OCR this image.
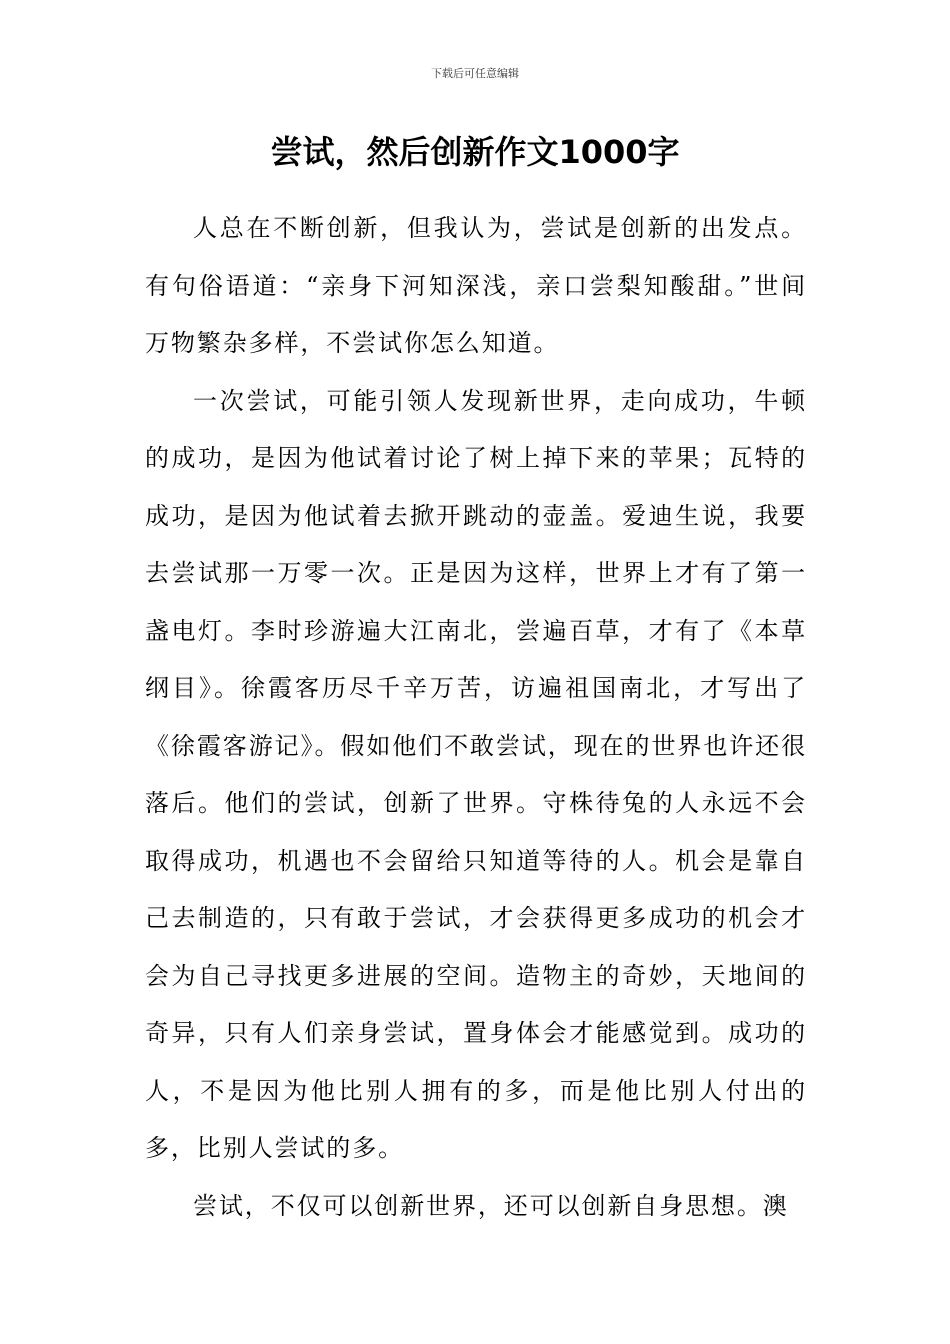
下载后可任意编辑
尝试，然后创新作文1000字

人总在不断创新，但我认为，尝试是创新的出发点。有句俗语道：“亲身下河知深浅，亲口尝梨知酸甜。”世间万物繁杂多样，不尝试你怎么知道。

一次尝试，可能引领人发现新世界，走向成功，牛顿的成功，是因为他试着讨论了树上掉下来的苹果；瓦特的成功，是因为他试着去掀开跳动的壶盖。爱迪生说，我要去尝试那一万零一次。正是因为这样，世界上才有了第一盏电灯。李时珍游遍大江南北，尝遍百草，才有了《本草纲目》。徐霞客历尽千辛万苦，访遍祖国南北，才写出了《徐霞客游记》。假如他们不敢尝试，现在的世界也许还很落后。他们的尝试，创新了世界。守株待兔的人永远不会取得成功，机遇也不会留给只知道等待的人。机会是靠自己去制造的，只有敢于尝试，才会获得更多成功的机会才会为自己寻找更多进展的空间。造物主的奇妙，天地间的奇异，只有人们亲身尝试，置身体会才能感觉到。成功的人，不是因为他比别人拥有的多，而是他比别人付出的多，比别人尝试的多。

尝试，不仅可以创新世界，还可以创新自身思想。澳
